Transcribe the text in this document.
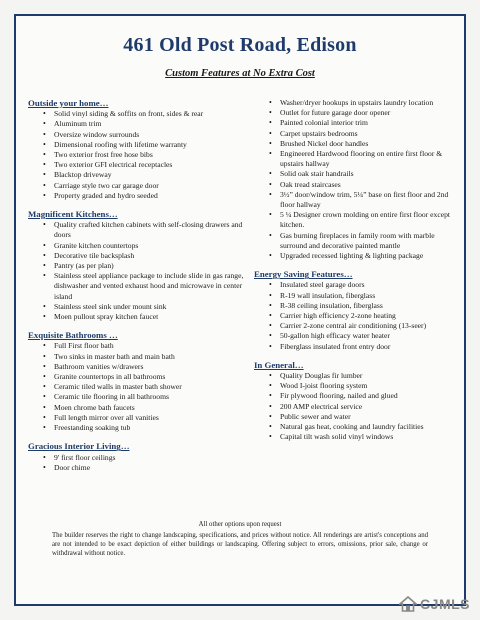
461 Old Post Road, Edison
Custom Features at No Extra Cost
Outside your home…
• Solid vinyl siding & soffits on front, sides & rear
• Aluminum trim
• Oversize window surrounds
• Dimensional roofing with lifetime warranty
• Two exterior frost free hose bibs
• Two exterior GFI electrical receptacles
• Blacktop driveway
• Carriage style two car garage door
• Property graded and hydro seeded
Magnificent Kitchens…
• Quality crafted kitchen cabinets with self-closing drawers and doors
• Granite kitchen countertops
• Decorative tile backsplash
• Pantry (as per plan)
• Stainless steel appliance package to include slide in gas range, dishwasher and vented exhaust hood and microwave in center island
• Stainless steel sink under mount sink
• Moen pullout spray kitchen faucet
Exquisite Bathrooms …
• Full First floor bath
• Two sinks in master bath and main bath
• Bathroom vanities w/drawers
• Granite countertops in all bathrooms
• Ceramic tiled walls in master bath shower
• Ceramic tile flooring in all bathrooms
• Moen chrome bath faucets
• Full length mirror over all vanities
• Freestanding soaking tub
Gracious Interior Living…
• 9' first floor ceilings
• Door chime
• Washer/dryer hookups in upstairs laundry location
• Outlet for future garage door opener
• Painted colonial interior trim
• Carpet upstairs bedrooms
• Brushed Nickel door handles
• Engineered Hardwood flooring on entire first floor & upstairs hallway
• Solid oak stair handrails
• Oak tread staircases
• 3½” door/window trim, 5¼” base on first floor and 2nd floor hallway
• 5 ¼ Designer crown molding on entire first floor except kitchen.
• Gas burning fireplaces in family room with marble surround and decorative painted mantle
• Upgraded recessed lighting & lighting package
Energy Saving Features…
• Insulated steel garage doors
• R-19 wall insulation, fiberglass
• R-38 ceiling insulation, fiberglass
• Carrier high efficiency 2-zone heating
• Carrier 2-zone central air conditioning (13-seer)
• 50-gallon high efficacy water heater
• Fiberglass insulated front entry door
In General…
• Quality Douglas fir lumber
• Wood I-joist flooring system
• Fir plywood flooring, nailed and glued
• 200 AMP electrical service
• Public sewer and water
• Natural gas heat, cooking and laundry facilities
• Capital tilt wash solid vinyl windows
All other options upon request
The builder reserves the right to change landscaping, specifications, and prices without notice. All renderings are artist's conceptions and are not intended to be exact depiction of either buildings or landscaping. Offering subject to errors, omissions, prior sale, change or withdrawal without notice.
CJMLS
